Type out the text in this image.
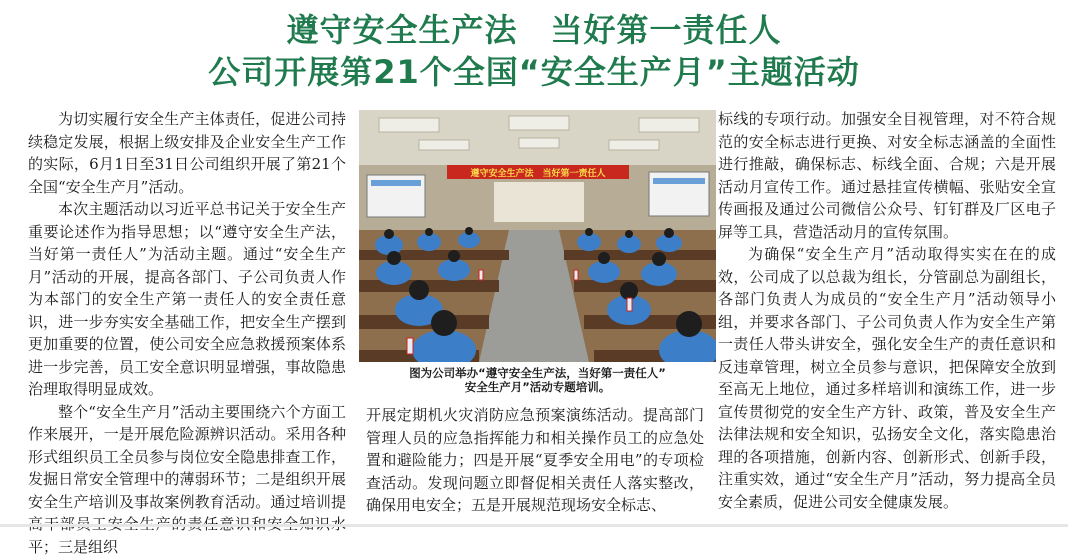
遵守安全生产法　当好第一责任人
公司开展第21个全国“安全生产月”主题活动

为切实履行安全生产主体责任，促进公司持续稳定发展，根据上级安排及企业安全生产工作的实际，6月1日至31日公司组织开展了第21个全国“安全生产月”活动。

本次主题活动以习近平总书记关于安全生产重要论述作为指导思想；以“遵守安全生产法，当好第一责任人”为活动主题。通过“安全生产月”活动的开展，提高各部门、子公司负责人作为本部门的安全生产第一责任人的安全责任意识，进一步夯实安全基础工作，把安全生产摆到更加重要的位置，使公司安全应急救援预案体系进一步完善，员工安全意识明显增强，事故隐患治理取得明显成效。

整个“安全生产月”活动主要围绕六个方面工作来展开，一是开展危险源辨识活动。采用各种形式组织员工全员参与岗位安全隐患排查工作，发掘日常安全管理中的薄弱环节；二是组织开展安全生产培训及事故案例教育活动。通过培训提 平；三是组织

遵守安全生产法　当好第一责任人
图为公司举办“遵守安全生产法，当好第一责任人”
安全生产月”活动专题培训。

开展定期机火灾消防应急预案演练活动。提高部门管理人员的应急指挥能力和相关操作员工的应急处置和避险能力；四是开展“夏季安全用电”的专项检查活动。发现问题立即督促相关责任人落实整改，确保用电安全；五是开展规范现场安全标志、

标线的专项行动。加强安全目视管理，对不符合规范的安全标志进行更换、对安全标志涵盖的全面性进行推敲，确保标志、标线全面、合规；六是开展活动月宣传工作。通过悬挂宣传横幅、张贴安全宣传画报及通过公司微信公众号、钉钉群及厂区电子屏等工具，营造活动月的宣传氛围。

为确保“安全生产月”活动取得实实在在的成效，公司成了以总裁为组长，分管副总为副组长，各部门负责人为成员的“安全生产月”活动领导小组，并要求各部门、子公司负责人作为安全生产第一责任人带头讲安全，强化安全生产的责任意识和反违章管理，树立全员参与意识，把保障安全放到至高无上地位，通过多样培训和演练工作，进一步宣传贯彻党的安全生产方针、政策，普及安全生产法律法规和安全知识，弘扬安全文化，落实隐患治理的各项措施，创新内容、创新形式、创新手段，注重实效，通过“安全生产月”活动，努力提高全员安全素质，促进公司安全健康发展。
